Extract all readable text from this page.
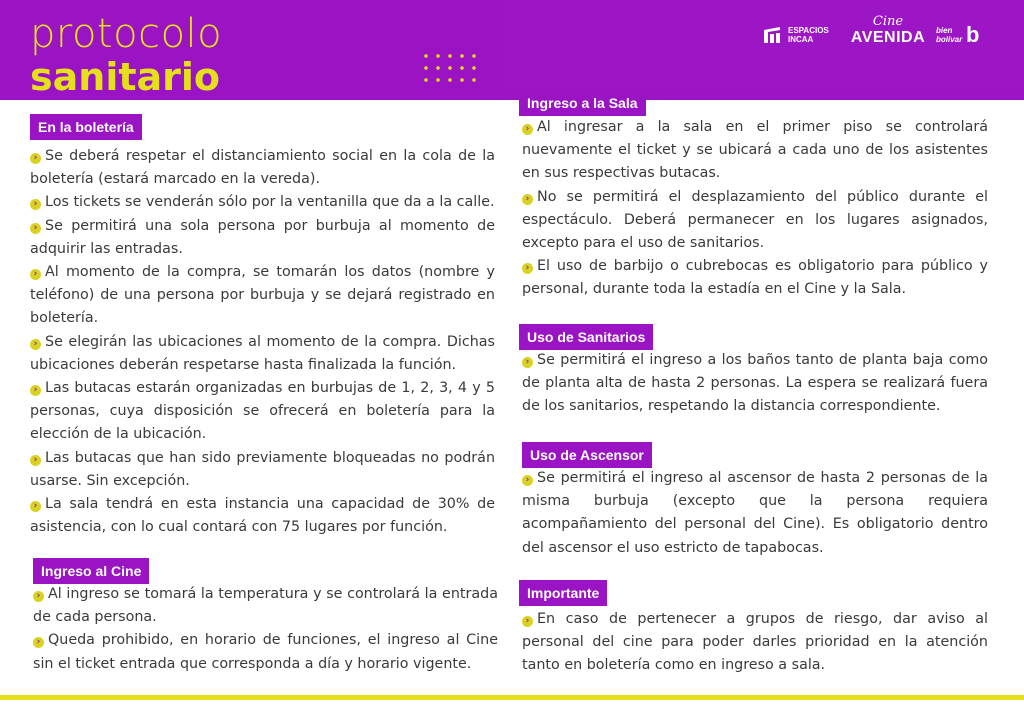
protocolo
sanitario
ESPACIOS
INCAA
Cine
AVENIDA bien
bolivar b
En la boletería

› Se deberá respetar el distanciamiento social en la cola de la boletería (estará marcado en la vereda).

› Los tickets se venderán sólo por la ventanilla que da a la calle.

› Se permitirá una sola persona por burbuja al momento de adquirir las entradas.

› Al momento de la compra, se tomarán los datos (nombre y teléfono) de una persona por burbuja y se dejará registrado en boletería.

› Se elegirán las ubicaciones al momento de la compra. Dichas ubicaciones deberán respetarse hasta finalizada la función.

› Las butacas estarán organizadas en burbujas de 1, 2, 3, 4 y 5 personas, cuya disposición se ofrecerá en boletería para la elección de la ubicación.

› Las butacas que han sido previamente bloqueadas no podrán usarse. Sin excepción.

› La sala tendrá en esta instancia una capacidad de 30% de asistencia, con lo cual contará con 75 lugares por función.

Ingreso al Cine

› Al ingreso se tomará la temperatura y se controlará la entrada de cada persona.

› Queda prohibido, en horario de funciones, el ingreso al Cine sin el ticket entrada que corresponda a día y horario vigente.

Ingreso a la Sala

› Al ingresar a la sala en el primer piso se controlará nuevamente el ticket y se ubicará a cada uno de los asistentes en sus respectivas butacas.

› No se permitirá el desplazamiento del público durante el espectáculo. Deberá permanecer en los lugares asignados, excepto para el uso de sanitarios.

› El uso de barbijo o cubrebocas es obligatorio para público y personal, durante toda la estadía en el Cine y la Sala.

Uso de Sanitarios

› Se permitirá el ingreso a los baños tanto de planta baja como de planta alta de hasta 2 personas. La espera se realizará fuera de los sanitarios, respetando la distancia correspondiente.

Uso de Ascensor

› Se permitirá el ingreso al ascensor de hasta 2 personas de la misma burbuja (excepto que la persona requiera acompañamiento del personal del Cine). Es obligatorio dentro del ascensor el uso estricto de tapabocas.

Importante

› En caso de pertenecer a grupos de riesgo, dar aviso al personal del cine para poder darles prioridad en la atención tanto en boletería como en ingreso a sala.
